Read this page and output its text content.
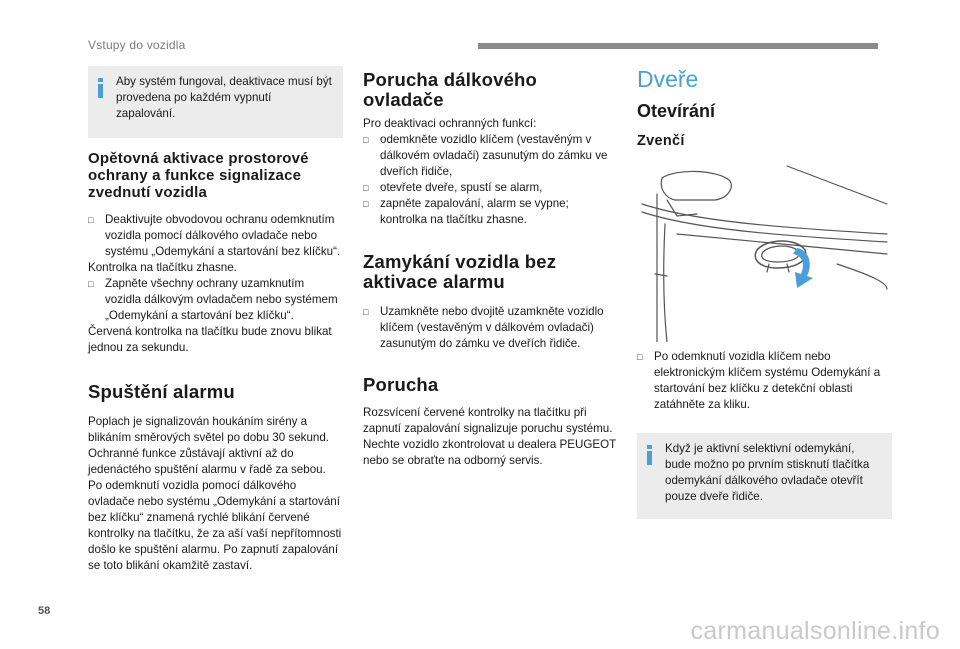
Vstupy do vozidla
Aby systém fungoval, deaktivace musí být provedena po každém vypnutí zapalování.
Opětovná aktivace prostorové ochrany a funkce signalizace zvednutí vozidla
□ Deaktivujte obvodovou ochranu odemknutím vozidla pomocí dálkového ovladače nebo systému „Odemykání a startování bez klíčku“.

Kontrolka na tlačítku zhasne.

□ Zapněte všechny ochrany uzamknutím vozidla dálkovým ovladačem nebo systémem „Odemykání a startování bez klíčku“.

Červená kontrolka na tlačítku bude znovu blikat jednou za sekundu.

Spuštění alarmu

Poplach je signalizován houkáním sirény a blikáním směrových světel po dobu 30 sekund.
Ochranné funkce zůstávají aktivní až do jedenáctého spuštění alarmu v řadě za sebou.
Po odemknutí vozidla pomocí dálkového ovladače nebo systému „Odemykání a startování bez klíčku“ znamená rychlé blikání červené kontrolky na tlačítku, že za aší vaší nepřítomnosti došlo ke spuštění alarmu. Po zapnutí zapalování se toto blikání okamžitě zastaví.

Porucha dálkového ovladače

Pro deaktivaci ochranných funkcí:

□ odemkněte vozidlo klíčem (vestavěným v dálkovém ovladači) zasunutým do zámku ve dveřích řidiče,
□ otevřete dveře, spustí se alarm,
□ zapněte zapalování, alarm se vypne; kontrolka na tlačítku zhasne.
Zamykání vozidla bez aktivace alarmu
□ Uzamkněte nebo dvojitě uzamkněte vozidlo klíčem (vestavěným v dálkovém ovladači) zasunutým do zámku ve dveřích řidiče.
Porucha

Rozsvícení červené kontrolky na tlačítku při zapnutí zapalování signalizuje poruchu systému.
Nechte vozidlo zkontrolovat u dealera PEUGEOT nebo se obraťte na odborný servis.

Dveře
Otevírání
Zvenčí
□ Po odemknutí vozidla klíčem nebo elektronickým klíčem systému Odemykání a startování bez klíčku z detekční oblasti zatáhněte za kliku.
Když je aktivní selektivní odemykání, bude možno po prvním stisknutí tlačítka odemykání dálkového ovladače otevřít pouze dveře řidiče.
58
carmanualsonline.info
